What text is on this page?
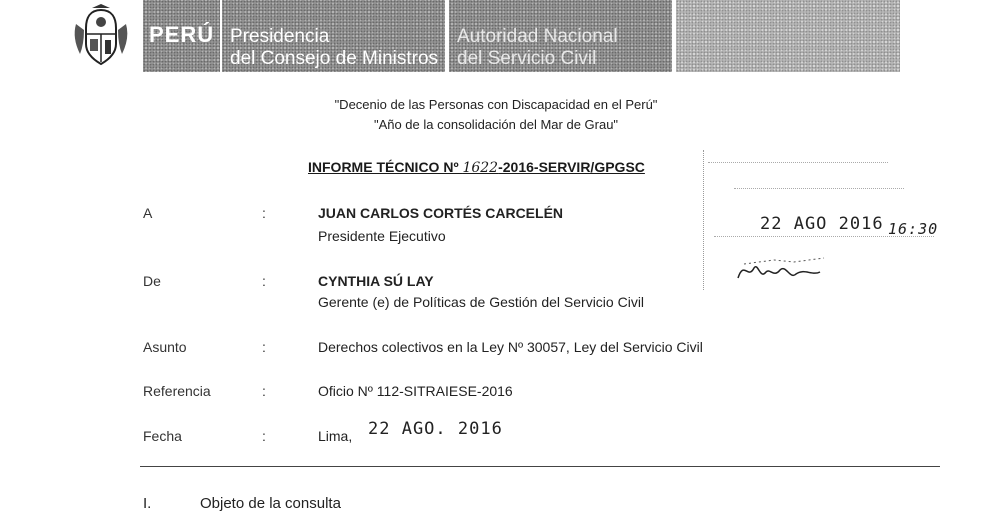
PERÚ Presidencia
del Consejo de Ministros
Autoridad Nacional
del Servicio Civil
"Decenio de las Personas con Discapacidad en el Perú"
"Año de la consolidación del Mar de Grau"
INFORME TÉCNICO Nº 1622-2016-SERVIR/GPGSC
A	:	JUAN CARLOS CORTÉS CARCELÉN
Presidente Ejecutivo
De	:	CYNTHIA SÚ LAY
Gerente (e) de Políticas de Gestión del Servicio Civil
Asunto	:	Derechos colectivos en la Ley Nº 30057, Ley del Servicio Civil
Referencia	:	Oficio Nº 112-SITRAIESE-2016
Fecha	:	Lima, 22 AGO. 2016
22 AGO 2016 16:30
I.	Objeto de la consulta
